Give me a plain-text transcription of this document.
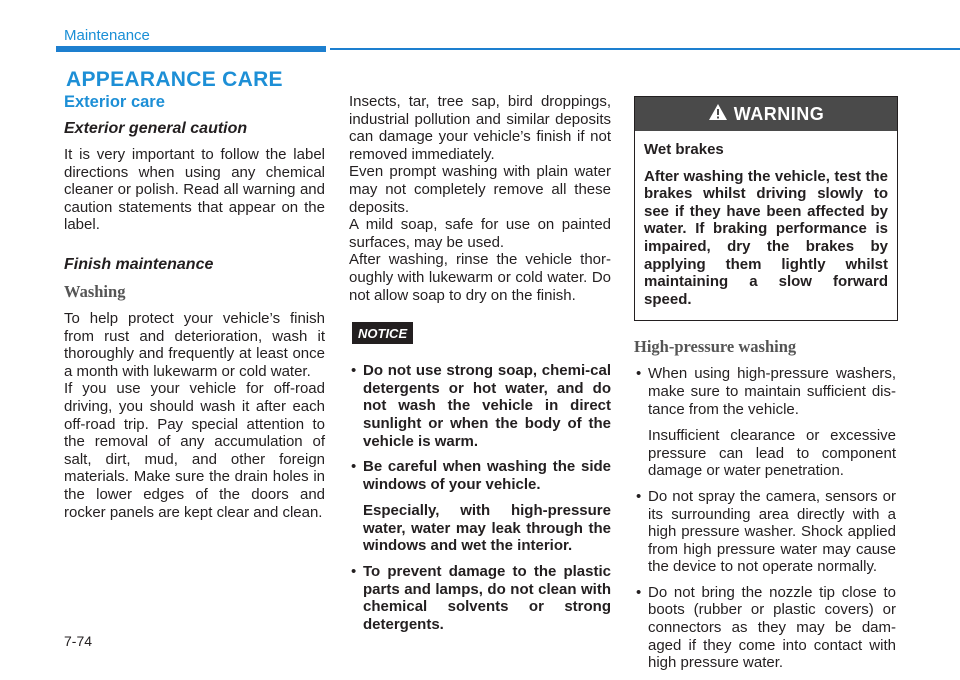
Maintenance
APPEARANCE CARE
Exterior care
Exterior general caution

It is very important to follow the label directions when using any chemical cleaner or polish. Read all warning and caution statements that appear on the label.

Finish maintenance
Washing

To help protect your vehicle’s finish from rust and deterioration, wash it thoroughly and frequently at least once a month with lukewarm or cold water.

If you use your vehicle for off-road driving, you should wash it after each off-road trip. Pay special attention to the removal of any accumulation of salt, dirt, mud, and other foreign materials. Make sure the drain holes in the lower edges of the doors and rocker panels are kept clear and clean.

Insects, tar, tree sap, bird droppings, industrial pollution and similar deposits can damage your vehicle’s finish if not removed immediately.

Even prompt washing with plain water may not completely remove all these deposits.

A mild soap, safe for use on painted surfaces, may be used.

After washing, rinse the vehicle thor-oughly with lukewarm or cold water. Do not allow soap to dry on the finish.

NOTICE

• Do not use strong soap, chemi-cal detergents or hot water, and do not wash the vehicle in direct sunlight or when the body of the vehicle is warm.

• Be careful when washing the side windows of your vehicle.

Especially, with high-pressure water, water may leak through the windows and wet the interior.

• To prevent damage to the plastic parts and lamps, do not clean with chemical solvents or strong detergents.

WARNING

Wet brakes

After washing the vehicle, test the brakes whilst driving slowly to see if they have been affected by water. If braking performance is impaired, dry the brakes by applying them lightly whilst maintaining a slow forward speed.

High-pressure washing

• When using high-pressure washers, make sure to maintain sufficient dis-tance from the vehicle.

Insufficient clearance or excessive pressure can lead to component damage or water penetration.

• Do not spray the camera, sensors or its surrounding area directly with a high pressure washer. Shock applied from high pressure water may cause the device to not operate normally.

• Do not bring the nozzle tip close to boots (rubber or plastic covers) or connectors as they may be dam-aged if they come into contact with high pressure water.

7-74
